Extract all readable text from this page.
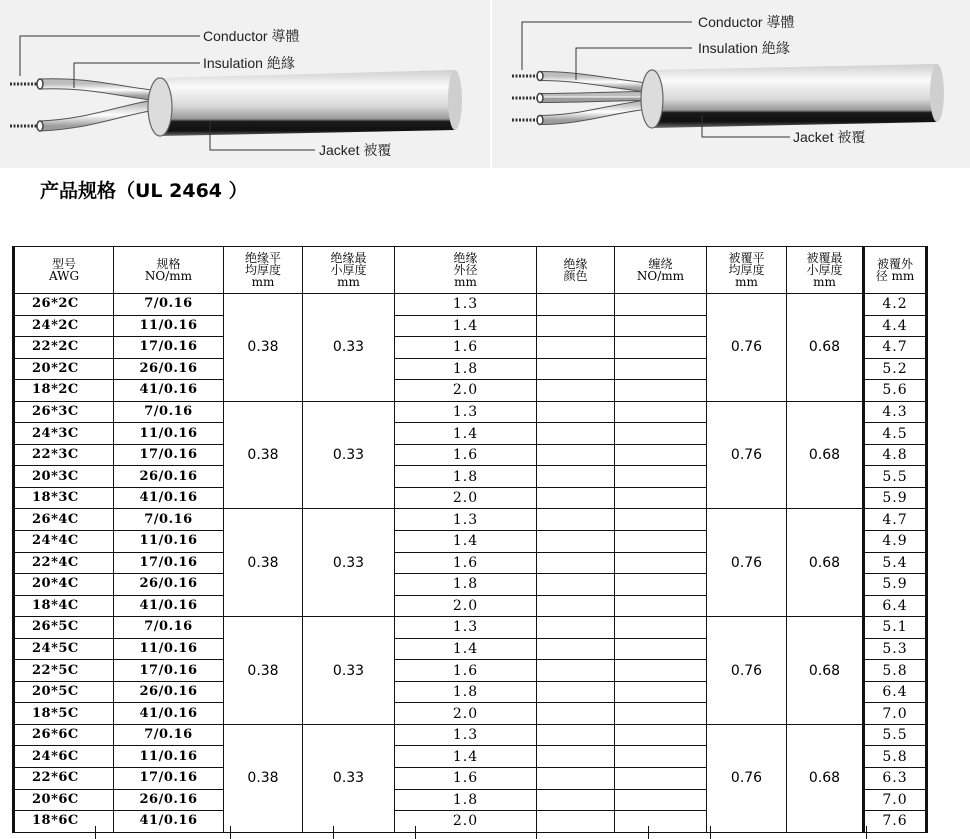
Conductor 導體
Insulation 絶緣
Jacket 被覆
Conductor 導體
Insulation 絶緣
Jacket 被覆
产品规格（UL 2464 ）
型号
AWG	规格
NO/mm	绝缘平
均厚度
mm	绝缘最
小厚度
mm	绝缘
外径
mm	绝缘
颜色	缠绕
NO/mm	被覆平
均厚度
mm	被覆最
小厚度
mm	被覆外
径 mm

26*2C	7/0.16	0.38	0.33	1.3			0.76	0.68	4.2
24*2C	11/0.16			1.4					4.4
22*2C	17/0.16			1.6					4.7
20*2C	26/0.16			1.8					5.2
18*2C	41/0.16			2.0					5.6
26*3C	7/0.16	0.38	0.33	1.3			0.76	0.68	4.3
24*3C	11/0.16			1.4					4.5
22*3C	17/0.16			1.6					4.8
20*3C	26/0.16			1.8					5.5
18*3C	41/0.16			2.0					5.9
26*4C	7/0.16	0.38	0.33	1.3			0.76	0.68	4.7
24*4C	11/0.16			1.4					4.9
22*4C	17/0.16			1.6					5.4
20*4C	26/0.16			1.8					5.9
18*4C	41/0.16			2.0					6.4
26*5C	7/0.16	0.38	0.33	1.3			0.76	0.68	5.1
24*5C	11/0.16			1.4					5.3
22*5C	17/0.16			1.6					5.8
20*5C	26/0.16			1.8					6.4
18*5C	41/0.16			2.0					7.0
26*6C	7/0.16	0.38	0.33	1.3			0.76	0.68	5.5
24*6C	11/0.16			1.4					5.8
22*6C	17/0.16			1.6					6.3
20*6C	26/0.16			1.8					7.0
18*6C	41/0.16			2.0					7.6
